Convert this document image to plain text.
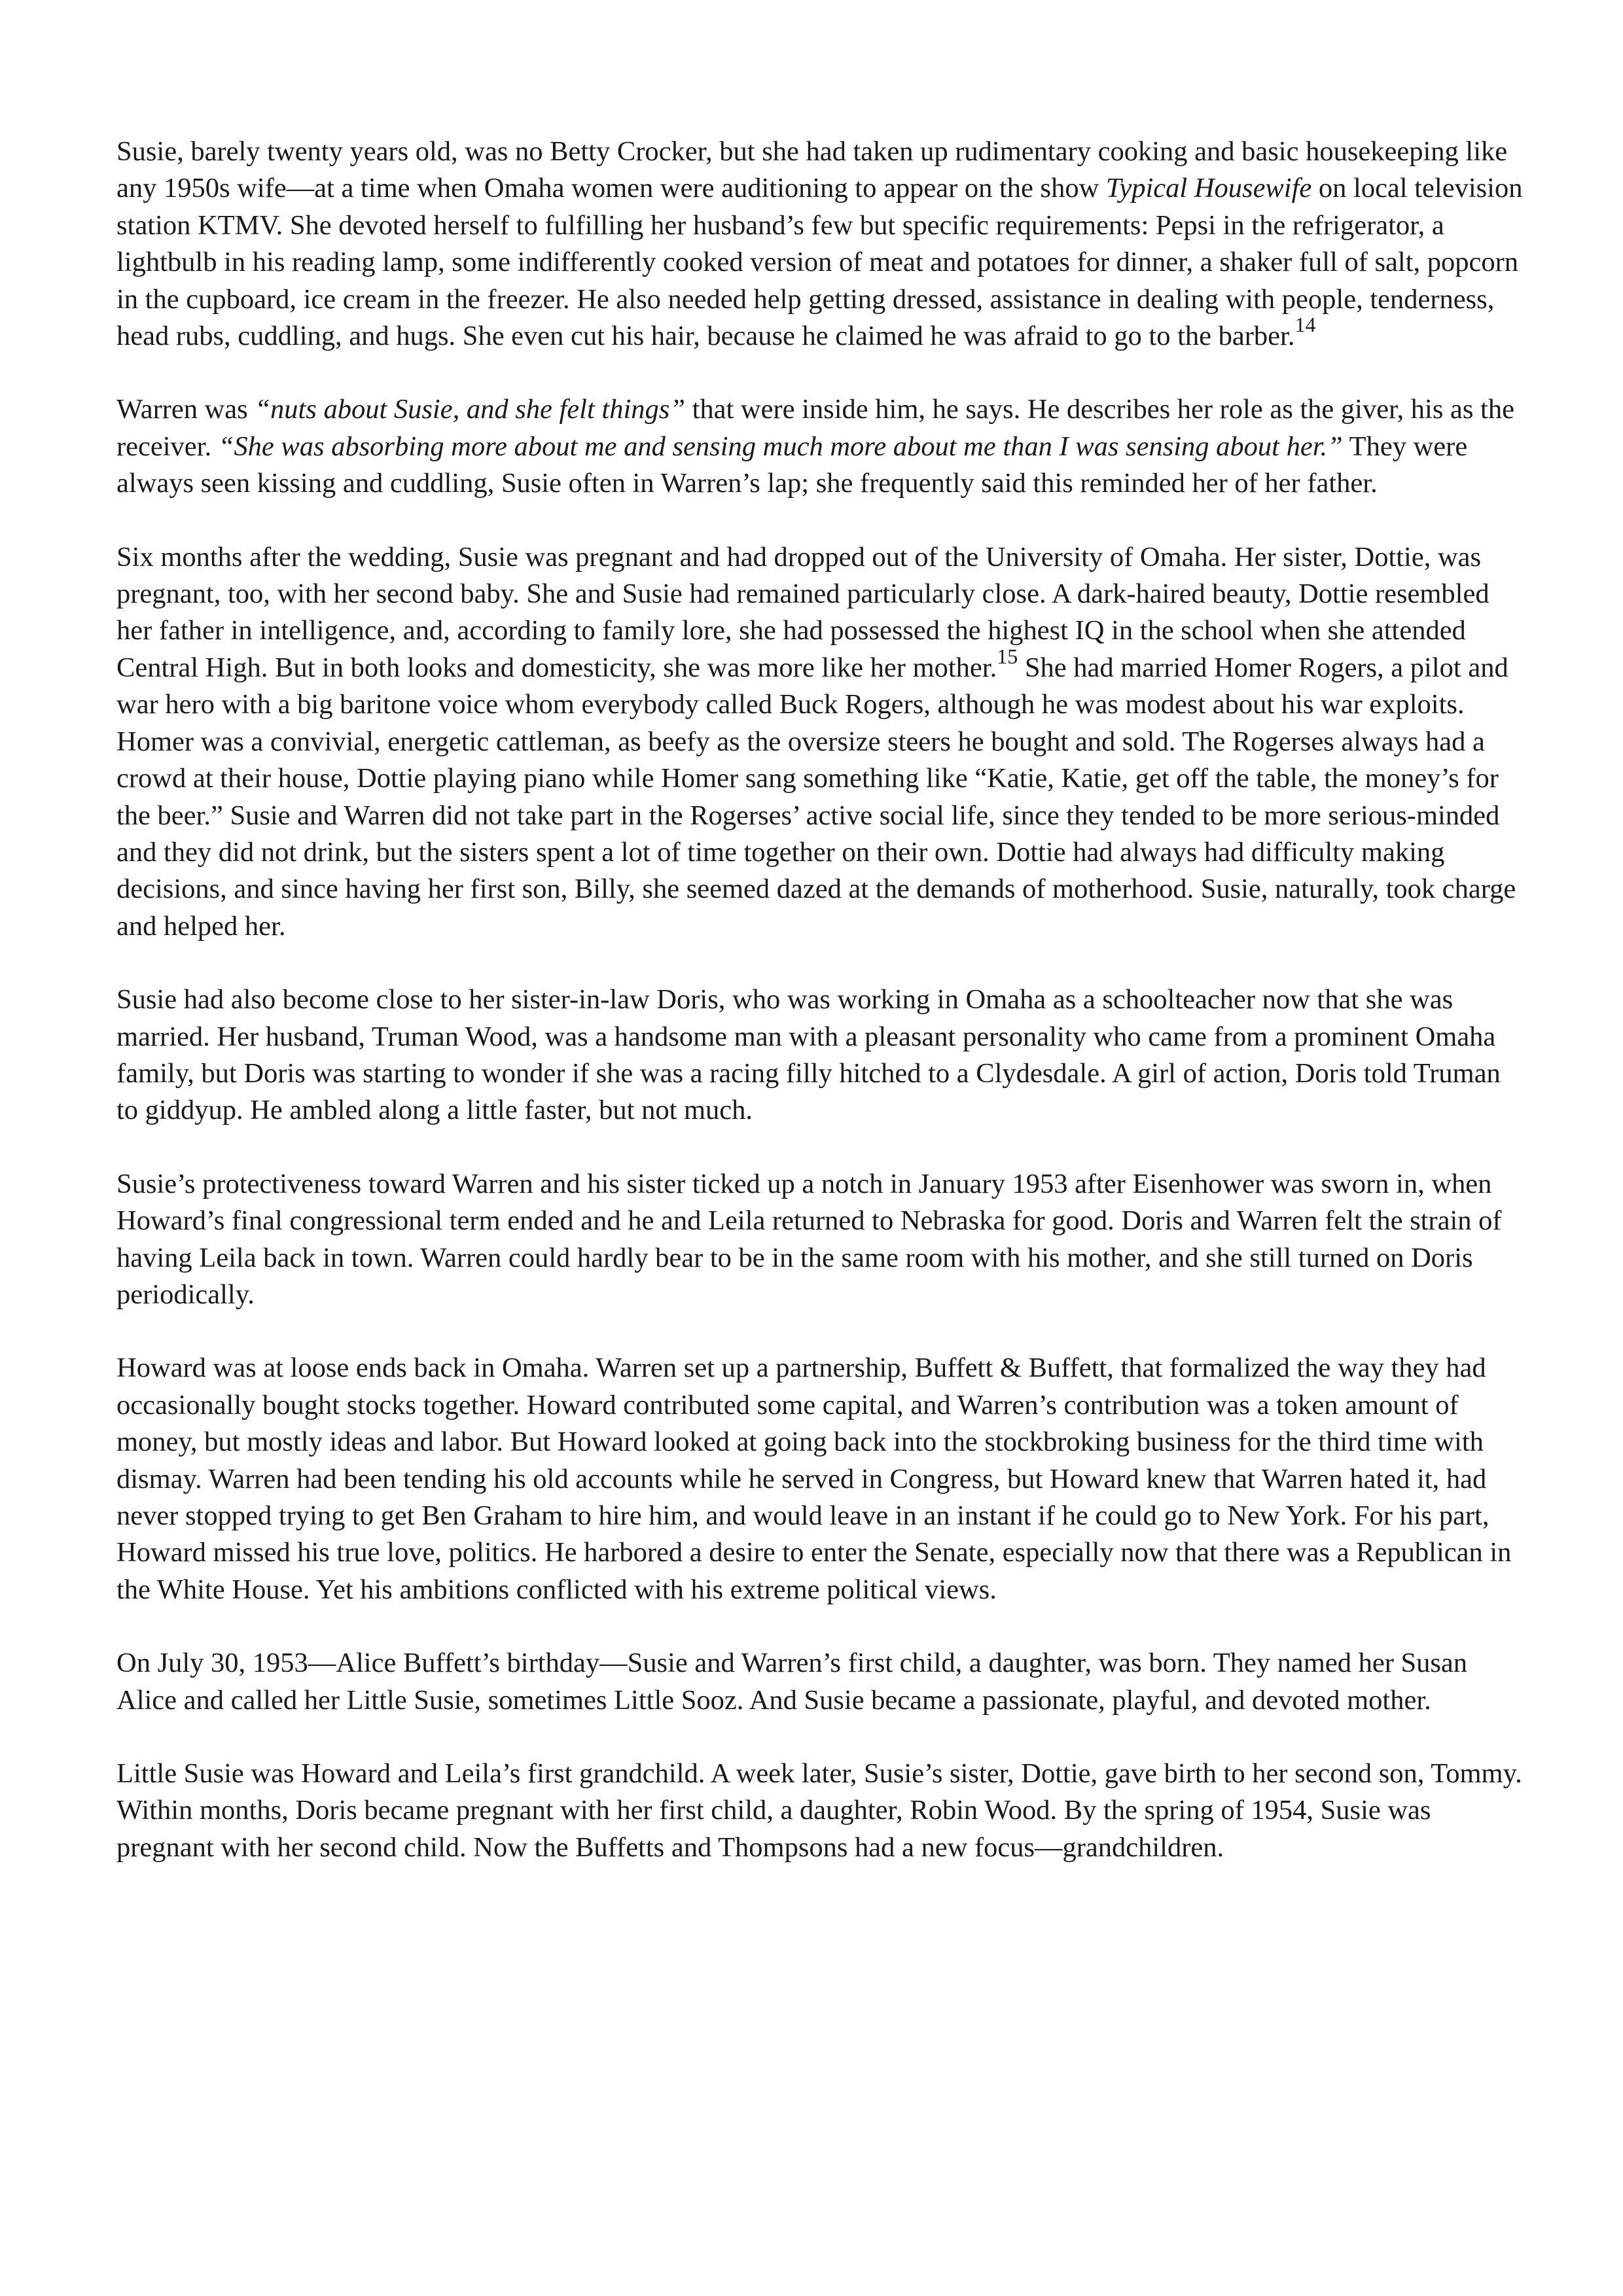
Susie, barely twenty years old, was no Betty Crocker, but she had taken up rudimentary cooking and basic housekeeping like any 1950s wife—at a time when Omaha women were auditioning to appear on the show Typical Housewife on local television station KTMV. She devoted herself to fulfilling her husband’s few but specific requirements: Pepsi in the refrigerator, a lightbulb in his reading lamp, some indifferently cooked version of meat and potatoes for dinner, a shaker full of salt, popcorn in the cupboard, ice cream in the freezer. He also needed help getting dressed, assistance in dealing with people, tenderness, head rubs, cuddling, and hugs. She even cut his hair, because he claimed he was afraid to go to the barber.$^{14}$

Warren was “nuts about Susie, and she felt things” that were inside him, he says. He describes her role as the giver, his as the receiver. “She was absorbing more about me and sensing much more about me than I was sensing about her.” They were always seen kissing and cuddling, Susie often in Warren’s lap; she frequently said this reminded her of her father.

Six months after the wedding, Susie was pregnant and had dropped out of the University of Omaha. Her sister, Dottie, was pregnant, too, with her second baby. She and Susie had remained particularly close. A dark-haired beauty, Dottie resembled her father in intelligence, and, according to family lore, she had possessed the highest IQ in the school when she attended Central High. But in both looks and domesticity, she was more like her mother.$^{15}$ She had married Homer Rogers, a pilot and war hero with a big baritone voice whom everybody called Buck Rogers, although he was modest about his war exploits. Homer was a convivial, energetic cattleman, as beefy as the oversize steers he bought and sold. The Rogerses always had a crowd at their house, Dottie playing piano while Homer sang something like “Katie, Katie, get off the table, the money’s for the beer.” Susie and Warren did not take part in the Rogerses’ active social life, since they tended to be more serious-minded and they did not drink, but the sisters spent a lot of time together on their own. Dottie had always had difficulty making decisions, and since having her first son, Billy, she seemed dazed at the demands of motherhood. Susie, naturally, took charge and helped her.

Susie had also become close to her sister-in-law Doris, who was working in Omaha as a schoolteacher now that she was married. Her husband, Truman Wood, was a handsome man with a pleasant personality who came from a prominent Omaha family, but Doris was starting to wonder if she was a racing filly hitched to a Clydesdale. A girl of action, Doris told Truman to giddyup. He ambled along a little faster, but not much.

Susie’s protectiveness toward Warren and his sister ticked up a notch in January 1953 after Eisenhower was sworn in, when Howard’s final congressional term ended and he and Leila returned to Nebraska for good. Doris and Warren felt the strain of having Leila back in town. Warren could hardly bear to be in the same room with his mother, and she still turned on Doris periodically.

Howard was at loose ends back in Omaha. Warren set up a partnership, Buffett & Buffett, that formalized the way they had occasionally bought stocks together. Howard contributed some capital, and Warren’s contribution was a token amount of money, but mostly ideas and labor. But Howard looked at going back into the stockbroking business for the third time with dismay. Warren had been tending his old accounts while he served in Congress, but Howard knew that Warren hated it, had never stopped trying to get Ben Graham to hire him, and would leave in an instant if he could go to New York. For his part, Howard missed his true love, politics. He harbored a desire to enter the Senate, especially now that there was a Republican in the White House. Yet his ambitions conflicted with his extreme political views.

On July 30, 1953—Alice Buffett’s birthday—Susie and Warren’s first child, a daughter, was born. They named her Susan Alice and called her Little Susie, sometimes Little Sooz. And Susie became a passionate, playful, and devoted mother.

Little Susie was Howard and Leila’s first grandchild. A week later, Susie’s sister, Dottie, gave birth to her second son, Tommy. Within months, Doris became pregnant with her first child, a daughter, Robin Wood. By the spring of 1954, Susie was pregnant with her second child. Now the Buffetts and Thompsons had a new focus—grandchildren.
